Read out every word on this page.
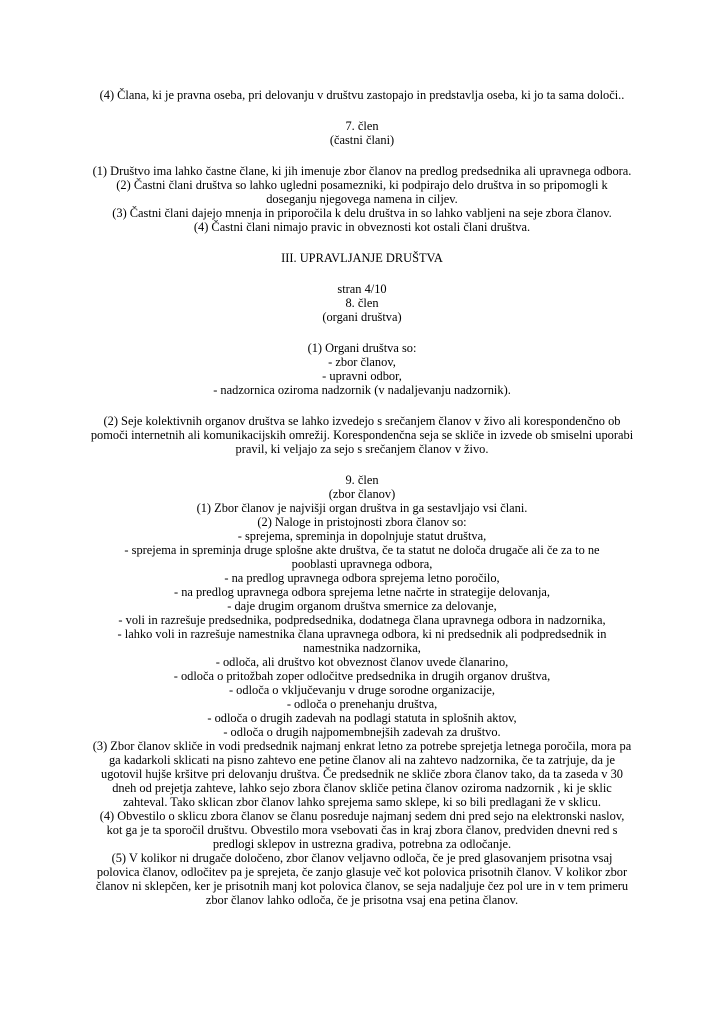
(4) Člana, ki je pravna oseba, pri delovanju v društvu zastopajo in predstavlja oseba, ki jo ta sama določi..
7. člen
(častni člani)
(1) Društvo ima lahko častne člane, ki jih imenuje zbor članov na predlog predsednika ali upravnega odbora.
(2) Častni člani društva so lahko ugledni posamezniki, ki podpirajo delo društva in so pripomogli k
doseganju njegovega namena in ciljev.
(3) Častni člani dajejo mnenja in priporočila k delu društva in so lahko vabljeni na seje zbora članov.
(4) Častni člani nimajo pravic in obveznosti kot ostali člani društva.
III. UPRAVLJANJE DRUŠTVA
stran 4/10
8. člen
(organi društva)
(1) Organi društva so:
- zbor članov,
- upravni odbor,
- nadzornica oziroma nadzornik (v nadaljevanju nadzornik).
(2) Seje kolektivnih organov društva se lahko izvedejo s srečanjem članov v živo ali korespondenčno ob
pomoči internetnih ali komunikacijskih omrežij. Korespondenčna seja se skliče in izvede ob smiselni uporabi
pravil, ki veljajo za sejo s srečanjem članov v živo.
9. člen
(zbor članov)
(1) Zbor članov je najvišji organ društva in ga sestavljajo vsi člani.
(2) Naloge in pristojnosti zbora članov so:
- sprejema, spreminja in dopolnjuje statut društva,
- sprejema in spreminja druge splošne akte društva, če ta statut ne določa drugače ali če za to ne
pooblasti upravnega odbora,
- na predlog upravnega odbora sprejema letno poročilo,
- na predlog upravnega odbora sprejema letne načrte in strategije delovanja,
- daje drugim organom društva smernice za delovanje,
- voli in razrešuje predsednika, podpredsednika, dodatnega člana upravnega odbora in nadzornika,
- lahko voli in razrešuje namestnika člana upravnega odbora, ki ni predsednik ali podpredsednik in
namestnika nadzornika,
- odloča, ali društvo kot obveznost članov uvede članarino,
- odloča o pritožbah zoper odločitve predsednika in drugih organov društva,
- odloča o vključevanju v druge sorodne organizacije,
- odloča o prenehanju društva,
- odloča o drugih zadevah na podlagi statuta in splošnih aktov,
- odloča o drugih najpomembnejših zadevah za društvo.
(3) Zbor članov skliče in vodi predsednik najmanj enkrat letno za potrebe sprejetja letnega poročila, mora pa
ga kadarkoli sklicati na pisno zahtevo ene petine članov ali na zahtevo nadzornika, če ta zatrjuje, da je
ugotovil hujše kršitve pri delovanju društva. Če predsednik ne skliče zbora članov tako, da ta zaseda v 30
dneh od prejetja zahteve, lahko sejo zbora članov skliče petina članov oziroma nadzornik , ki je sklic
zahteval. Tako sklican zbor članov lahko sprejema samo sklepe, ki so bili predlagani že v sklicu.
(4) Obvestilo o sklicu zbora članov se članu posreduje najmanj sedem dni pred sejo na elektronski naslov,
kot ga je ta sporočil društvu. Obvestilo mora vsebovati čas in kraj zbora članov, predviden dnevni red s
predlogi sklepov in ustrezna gradiva, potrebna za odločanje.
(5) V kolikor ni drugače določeno, zbor članov veljavno odloča, če je pred glasovanjem prisotna vsaj
polovica članov, odločitev pa je sprejeta, če zanjo glasuje več kot polovica prisotnih članov. V kolikor zbor
članov ni sklepčen, ker je prisotnih manj kot polovica članov, se seja nadaljuje čez pol ure in v tem primeru
zbor članov lahko odloča, če je prisotna vsaj ena petina članov.
